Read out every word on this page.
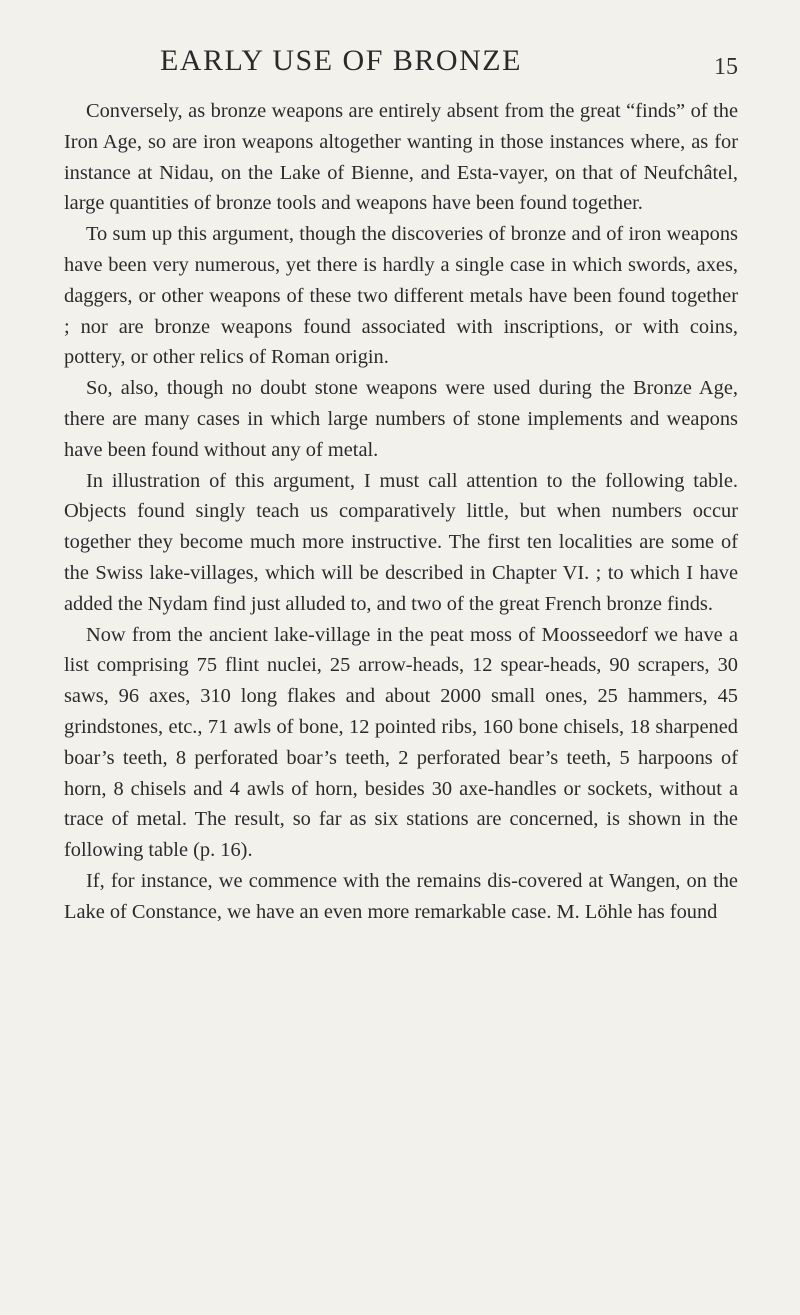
EARLY USE OF BRONZE	15

Conversely, as bronze weapons are entirely absent from the great “finds” of the Iron Age, so are iron weapons altogether wanting in those instances where, as for instance at Nidau, on the Lake of Bienne, and Esta-vayer, on that of Neufchâtel, large quantities of bronze tools and weapons have been found together.

To sum up this argument, though the discoveries of bronze and of iron weapons have been very numerous, yet there is hardly a single case in which swords, axes, daggers, or other weapons of these two different metals have been found together ; nor are bronze weapons found associated with inscriptions, or with coins, pottery, or other relics of Roman origin.

So, also, though no doubt stone weapons were used during the Bronze Age, there are many cases in which large numbers of stone implements and weapons have been found without any of metal.

In illustration of this argument, I must call attention to the following table. Objects found singly teach us comparatively little, but when numbers occur together they become much more instructive. The first ten localities are some of the Swiss lake-villages, which will be described in Chapter VI. ; to which I have added the Nydam find just alluded to, and two of the great French bronze finds.

Now from the ancient lake-village in the peat moss of Moosseedorf we have a list comprising 75 flint nuclei, 25 arrow-heads, 12 spear-heads, 90 scrapers, 30 saws, 96 axes, 310 long flakes and about 2000 small ones, 25 hammers, 45 grindstones, etc., 71 awls of bone, 12 pointed ribs, 160 bone chisels, 18 sharpened boar’s teeth, 8 perforated boar’s teeth, 2 perforated bear’s teeth, 5 harpoons of horn, 8 chisels and 4 awls of horn, besides 30 axe-handles or sockets, without a trace of metal. The result, so far as six stations are concerned, is shown in the following table (p. 16).

If, for instance, we commence with the remains dis-covered at Wangen, on the Lake of Constance, we have an even more remarkable case. M. Löhle has found
